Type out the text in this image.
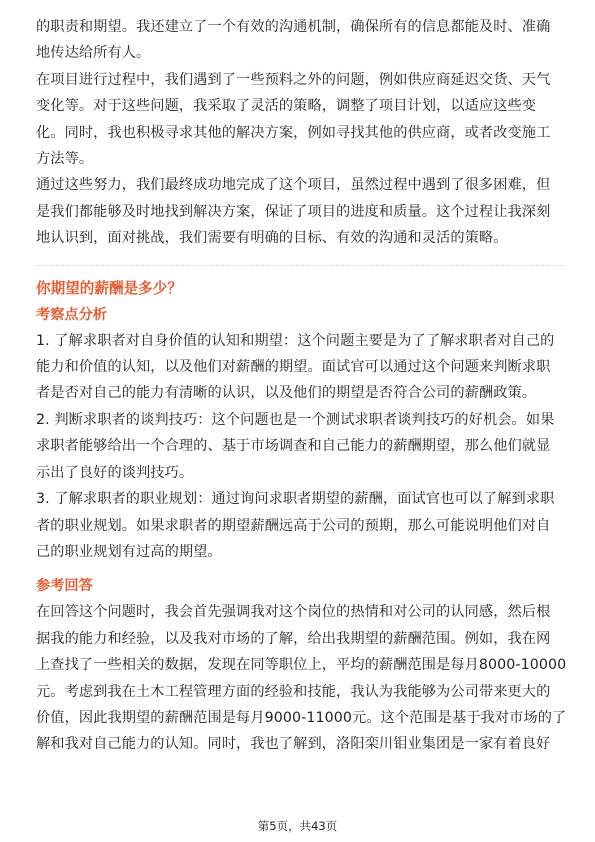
的职责和期望。我还建立了一个有效的沟通机制，确保所有的信息都能及时、准确

地传达给所有人。

在项目进行过程中，我们遇到了一些预料之外的问题，例如供应商延迟交货、天气

变化等。对于这些问题，我采取了灵活的策略，调整了项目计划，以适应这些变

化。同时，我也积极寻求其他的解决方案，例如寻找其他的供应商，或者改变施工

方法等。

通过这些努力，我们最终成功地完成了这个项目，虽然过程中遇到了很多困难，但

是我们都能够及时地找到解决方案，保证了项目的进度和质量。这个过程让我深刻

地认识到，面对挑战，我们需要有明确的目标、有效的沟通和灵活的策略。

你期望的薪酬是多少？

考察点分析

1. 了解求职者对自身价值的认知和期望：这个问题主要是为了了解求职者对自己的

能力和价值的认知，以及他们对薪酬的期望。面试官可以通过这个问题来判断求职

者是否对自己的能力有清晰的认识，以及他们的期望是否符合公司的薪酬政策。

2. 判断求职者的谈判技巧：这个问题也是一个测试求职者谈判技巧的好机会。如果

求职者能够给出一个合理的、基于市场调查和自己能力的薪酬期望，那么他们就显

示出了良好的谈判技巧。

3. 了解求职者的职业规划：通过询问求职者期望的薪酬，面试官也可以了解到求职

者的职业规划。如果求职者的期望薪酬远高于公司的预期，那么可能说明他们对自

己的职业规划有过高的期望。

参考回答

在回答这个问题时，我会首先强调我对这个岗位的热情和对公司的认同感，然后根

据我的能力和经验，以及我对市场的了解，给出我期望的薪酬范围。例如，我在网

上查找了一些相关的数据，发现在同等职位上，平均的薪酬范围是每月8000-10000

元。考虑到我在土木工程管理方面的经验和技能，我认为我能够为公司带来更大的

价值，因此我期望的薪酬范围是每月9000-11000元。这个范围是基于我对市场的了

解和我对自己能力的认知。同时，我也了解到，洛阳栾川钼业集团是一家有着良好

第5页，共43页
